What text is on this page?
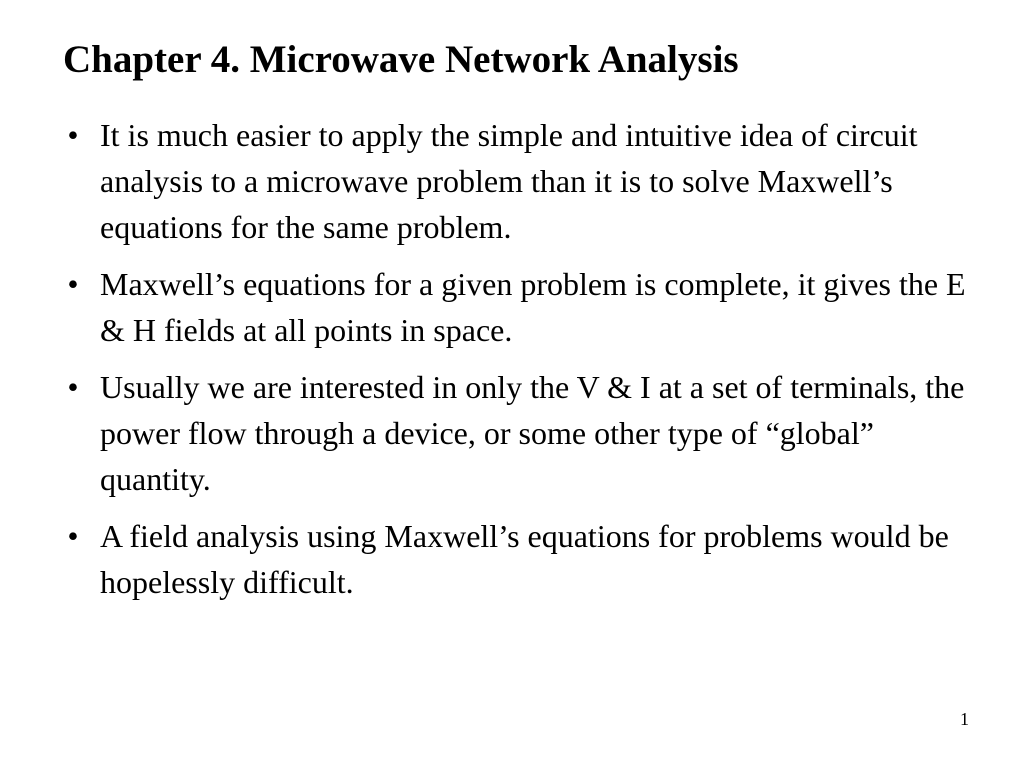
Chapter 4. Microwave Network Analysis
• It is much easier to apply the simple and intuitive idea of circuit analysis to a microwave problem than it is to solve Maxwell’s equations for the same problem.
• Maxwell’s equations for a given problem is complete, it gives the E & H fields at all points in space.
• Usually we are interested in only the V & I at a set of terminals, the power flow through a device, or some other type of “global” quantity.
• A field analysis using Maxwell’s equations for problems would be hopelessly difficult.
1
